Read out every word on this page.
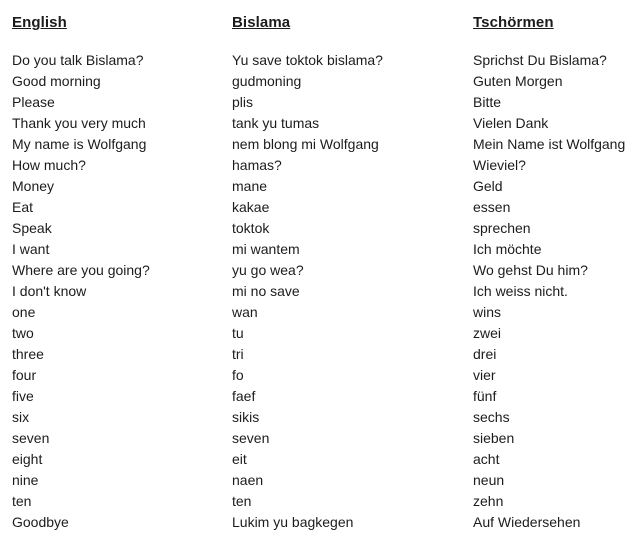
English
Do you talk Bislama?
Good morning
Please
Thank you very much
My name is Wolfgang
How much?
Money
Eat
Speak
I want
Where are you going?
I don't know
one
two
three
four
five
six
seven
eight
nine
ten
Goodbye
Bislama
Yu save toktok bislama?
gudmoning
plis
tank yu tumas
nem blong mi Wolfgang
hamas?
mane
kakae
toktok
mi wantem
yu go wea?
mi no save
wan
tu
tri
fo
faef
sikis
seven
eit
naen
ten
Lukim yu bagkegen
Tschörmen
Sprichst Du Bislama?
Guten Morgen
Bitte
Vielen Dank
Mein Name ist Wolfgang
Wieviel?
Geld
essen
sprechen
Ich möchte
Wo gehst Du him?
Ich weiss nicht.
wins
zwei
drei
vier
fünf
sechs
sieben
acht
neun
zehn
Auf Wiedersehen
